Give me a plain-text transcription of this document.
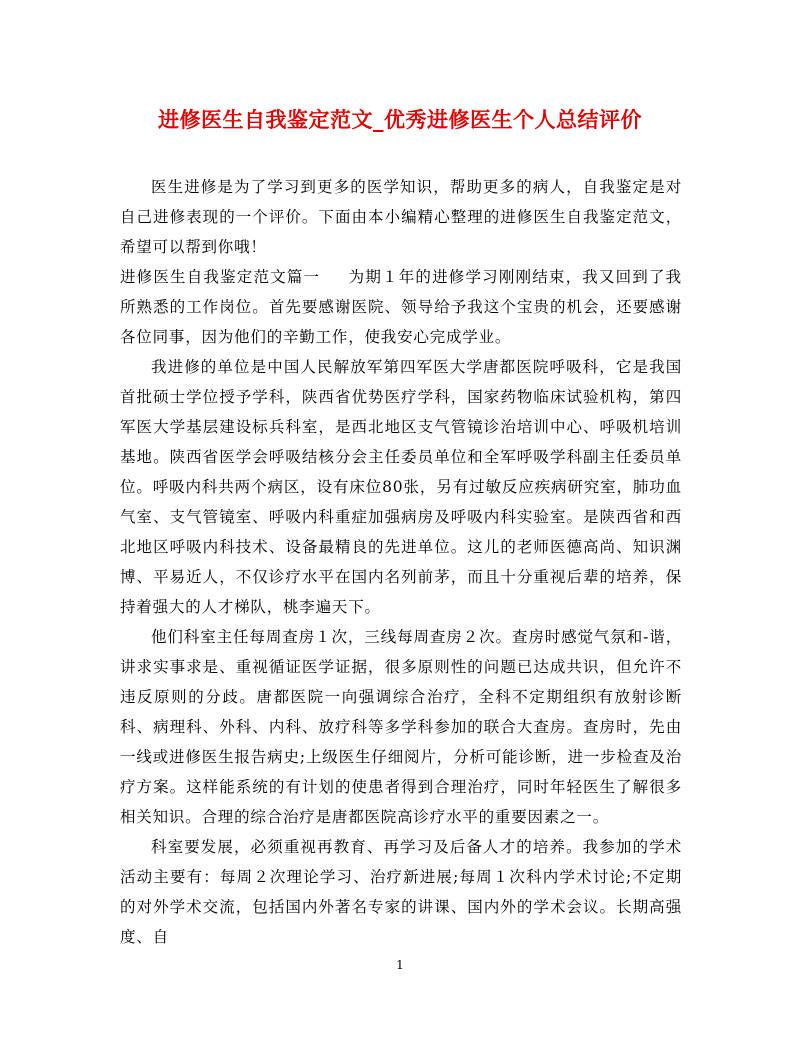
进修医生自我鉴定范文_优秀进修医生个人总结评价

医生进修是为了学习到更多的医学知识，帮助更多的病人，自我鉴定是对自己进修表现的一个评价。下面由本小编精心整理的进修医生自我鉴定范文，希望可以帮到你哦！

进修医生自我鉴定范文篇一 为期１年的进修学习刚刚结束，我又回到了我所熟悉的工作岗位。首先要感谢医院、领导给予我这个宝贵的机会，还要感谢各位同事，因为他们的辛勤工作，使我安心完成学业。

我进修的单位是中国人民解放军第四军医大学唐都医院呼吸科，它是我国首批硕士学位授予学科，陕西省优势医疗学科，国家药物临床试验机构，第四军医大学基层建设标兵科室，是西北地区支气管镜诊治培训中心、呼吸机培训基地。陕西省医学会呼吸结核分会主任委员单位和全军呼吸学科副主任委员单位。呼吸内科共两个病区，设有床位80张，另有过敏反应疾病研究室，肺功血气室、支气管镜室、呼吸内科重症加强病房及呼吸内科实验室。是陕西省和西北地区呼吸内科技术、设备最精良的先进单位。这儿的老师医德高尚、知识渊博、平易近人，不仅诊疗水平在国内名列前茅，而且十分重视后辈的培养，保持着强大的人才梯队，桃李遍天下。

他们科室主任每周查房１次，三线每周查房２次。查房时感觉气氛和-谐，讲求实事求是、重视循证医学证据，很多原则性的问题已达成共识，但允许不违反原则的分歧。唐都医院一向强调综合治疗，全科不定期组织有放射诊断科、病理科、外科、内科、放疗科等多学科参加的联合大查房。查房时，先由一线或进修医生报告病史;上级医生仔细阅片，分析可能诊断，进一步检查及治疗方案。这样能系统的有计划的使患者得到合理治疗，同时年轻医生了解很多相关知识。合理的综合治疗是唐都医院高诊疗水平的重要因素之一。

科室要发展，必须重视再教育、再学习及后备人才的培养。我参加的学术活动主要有：每周２次理论学习、治疗新进展;每周１次科内学术讨论;不定期的对外学术交流，包括国内外著名专家的讲课、国内外的学术会议。长期高强度、自

1
